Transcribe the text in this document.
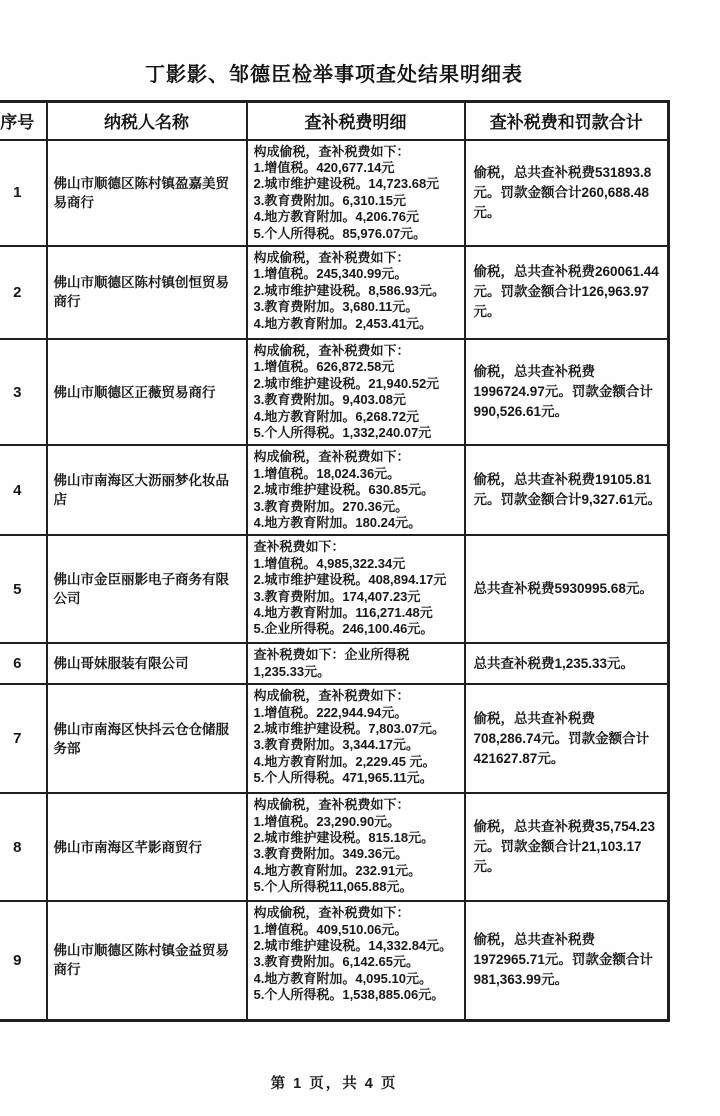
丁影影、邹德臣检举事项查处结果明细表
序号	纳税人名称	查补税费明细	查补税费和罚款合计
1	佛山市顺德区陈村镇盈嘉美贸易商行	
构成偷税，查补税费如下：
1.增值税。420,677.14元
2.城市维护建设税。14,723.68元
3.教育费附加。6,310.15元
4.地方教育附加。4,206.76元
5.个人所得税。85,976.07元。
	偷税，总共查补税费531893.8元。罚款金额合计260,688.48元。
2	佛山市顺德区陈村镇创恒贸易商行	构成偷税，查补税费如下：
1.增值税。245,340.99元。
2.城市维护建设税。8,586.93元。
3.教育费附加。3,680.11元。
4.地方教育附加。2,453.41元。	偷税，总共查补税费260061.44元。罚款金额合计126,963.97元。
3	佛山市顺德区正薇贸易商行	
构成偷税，查补税费如下：
1.增值税。626,872.58元
2.城市维护建设税。21,940.52元
3.教育费附加。9,403.08元
4.地方教育附加。6,268.72元
5.个人所得税。1,332,240.07元
	偷税，总共查补税费1996724.97元。罚款金额合计990,526.61元。
4	佛山市南海区大沥丽梦化妆品店	构成偷税，查补税费如下：
1.增值税。18,024.36元。
2.城市维护建设税。630.85元。
3.教育费附加。270.36元。
4.地方教育附加。180.24元。	偷税，总共查补税费19105.81元。罚款金额合计9,327.61元。
5	佛山市金臣丽影电子商务有限公司	
查补税费如下：
1.增值税。4,985,322.34元
2.城市维护建设税。408,894.17元
3.教育费附加。174,407.23元
4.地方教育附加。116,271.48元
5.企业所得税。246,100.46元。
	总共查补税费5930995.68元。
6	佛山哥妹服装有限公司	查补税费如下：企业所得税
1,235.33元。	总共查补税费1,235.33元。
7	佛山市南海区快抖云仓仓储服务部	
构成偷税，查补税费如下：
1.增值税。222,944.94元。
2.城市维护建设税。7,803.07元。
3.教育费附加。3,344.17元。
4.地方教育附加。2,229.45 元。
5.个人所得税。471,965.11元。
	偷税，总共查补税费708,286.74元。罚款金额合计421627.87元。
8	佛山市南海区芊影商贸行	
构成偷税，查补税费如下：
1.增值税。23,290.90元。
2.城市维护建设税。815.18元。
3.教育费附加。349.36元。
4.地方教育附加。232.91元。
5.个人所得税11,065.88元。
	偷税，总共查补税费35,754.23元。罚款金额合计21,103.17元。
9	佛山市顺德区陈村镇金益贸易商行	
构成偷税，查补税费如下：
1.增值税。409,510.06元。
2.城市维护建设税。14,332.84元。
3.教育费附加。6,142.65元。
4.地方教育附加。4,095.10元。
5.个人所得税。1,538,885.06元。
	偷税，总共查补税费1972965.71元。罚款金额合计981,363.99元。
第 1 页，共 4 页
